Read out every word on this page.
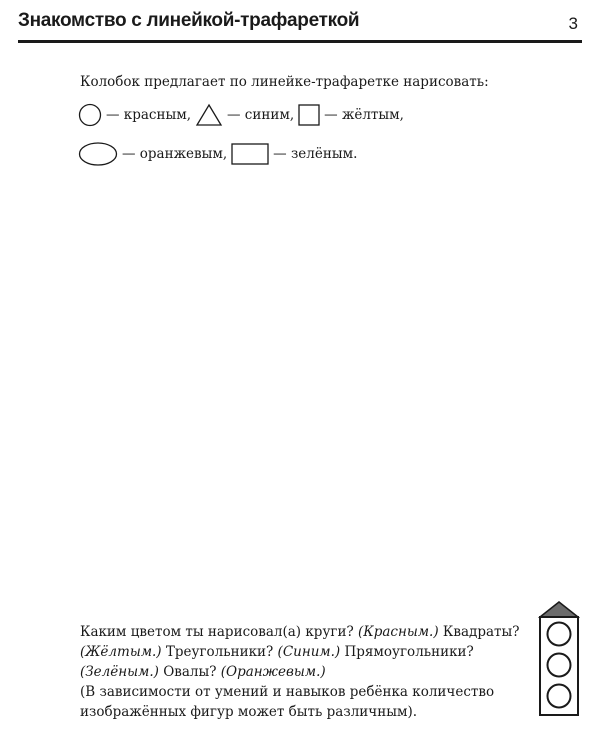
Знакомство с линейкой-трафареткой	3
Колобок предлагает по линейке-трафаретке нарисовать:
— красным,	— синим, — жёлтым,
— оранжевым,	— зелёным.
Каким цветом ты нарисовал(а) круги? (Красным.) Квадраты? (Жёлтым.) Треугольники? (Синим.) Прямоугольники? (Зелёным.) Овалы? (Оранжевым.)
(В зависимости от умений и навыков ребёнка количество изображённых фигур может быть различным).
